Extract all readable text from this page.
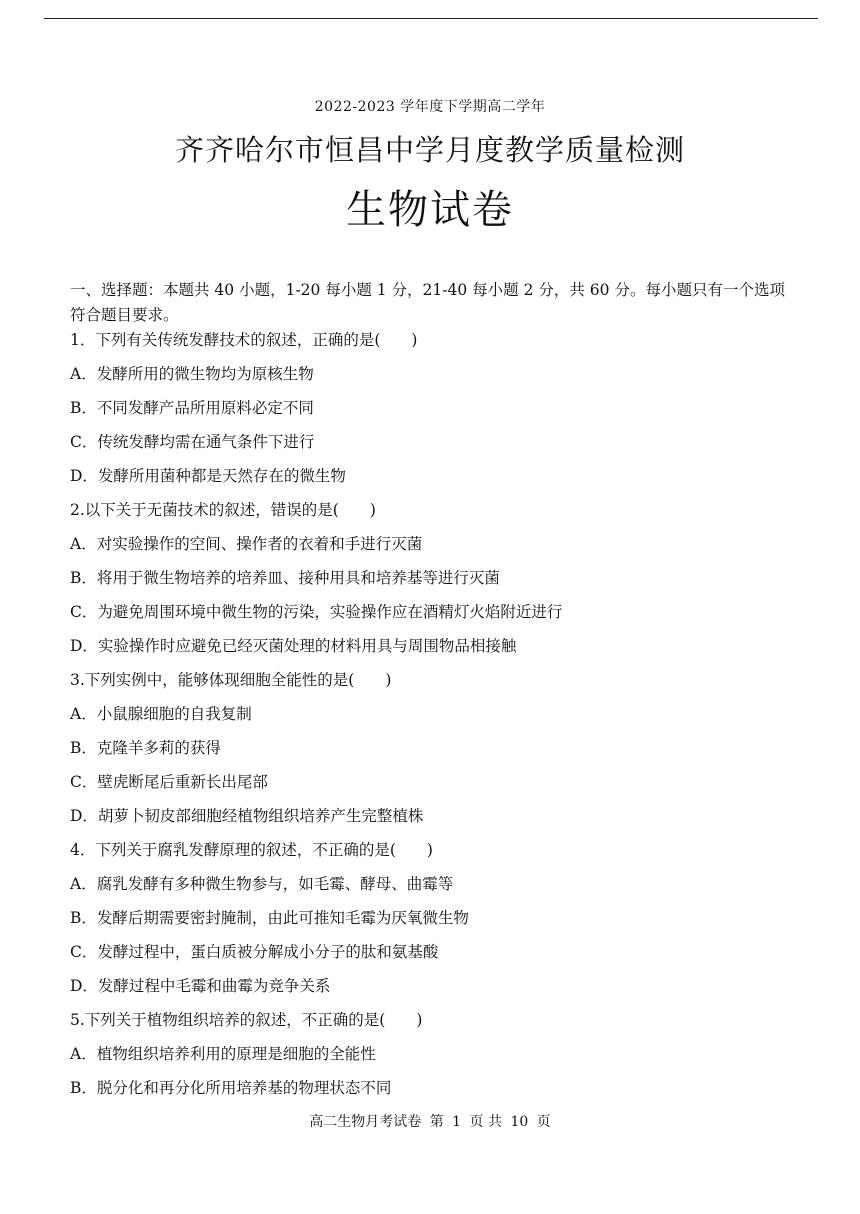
2022-2023 学年度下学期高二学年
齐齐哈尔市恒昌中学月度教学质量检测
生物试卷
一、选择题：本题共 40 小题，1-20 每小题 1 分，21-40 每小题 2 分，共 60 分。每小题只有一个选项符合题目要求。
1．下列有关传统发酵技术的叙述，正确的是(　　)
A．发酵所用的微生物均为原核生物
B．不同发酵产品所用原料必定不同
C．传统发酵均需在通气条件下进行
D．发酵所用菌种都是天然存在的微生物
2.以下关于无菌技术的叙述，错误的是(　　)
A．对实验操作的空间、操作者的衣着和手进行灭菌
B．将用于微生物培养的培养皿、接种用具和培养基等进行灭菌
C．为避免周围环境中微生物的污染，实验操作应在酒精灯火焰附近进行
D．实验操作时应避免已经灭菌处理的材料用具与周围物品相接触
3.下列实例中，能够体现细胞全能性的是(　　)
A．小鼠腺细胞的自我复制
B．克隆羊多莉的获得
C．壁虎断尾后重新长出尾部
D．胡萝卜韧皮部细胞经植物组织培养产生完整植株
4．下列关于腐乳发酵原理的叙述，不正确的是(　　)
A．腐乳发酵有多种微生物参与，如毛霉、酵母、曲霉等
B．发酵后期需要密封腌制，由此可推知毛霉为厌氧微生物
C．发酵过程中，蛋白质被分解成小分子的肽和氨基酸
D．发酵过程中毛霉和曲霉为竞争关系
5.下列关于植物组织培养的叙述，不正确的是(　　)
A．植物组织培养利用的原理是细胞的全能性
B．脱分化和再分化所用培养基的物理状态不同
高二生物月考试卷 第 1 页 共 10 页
